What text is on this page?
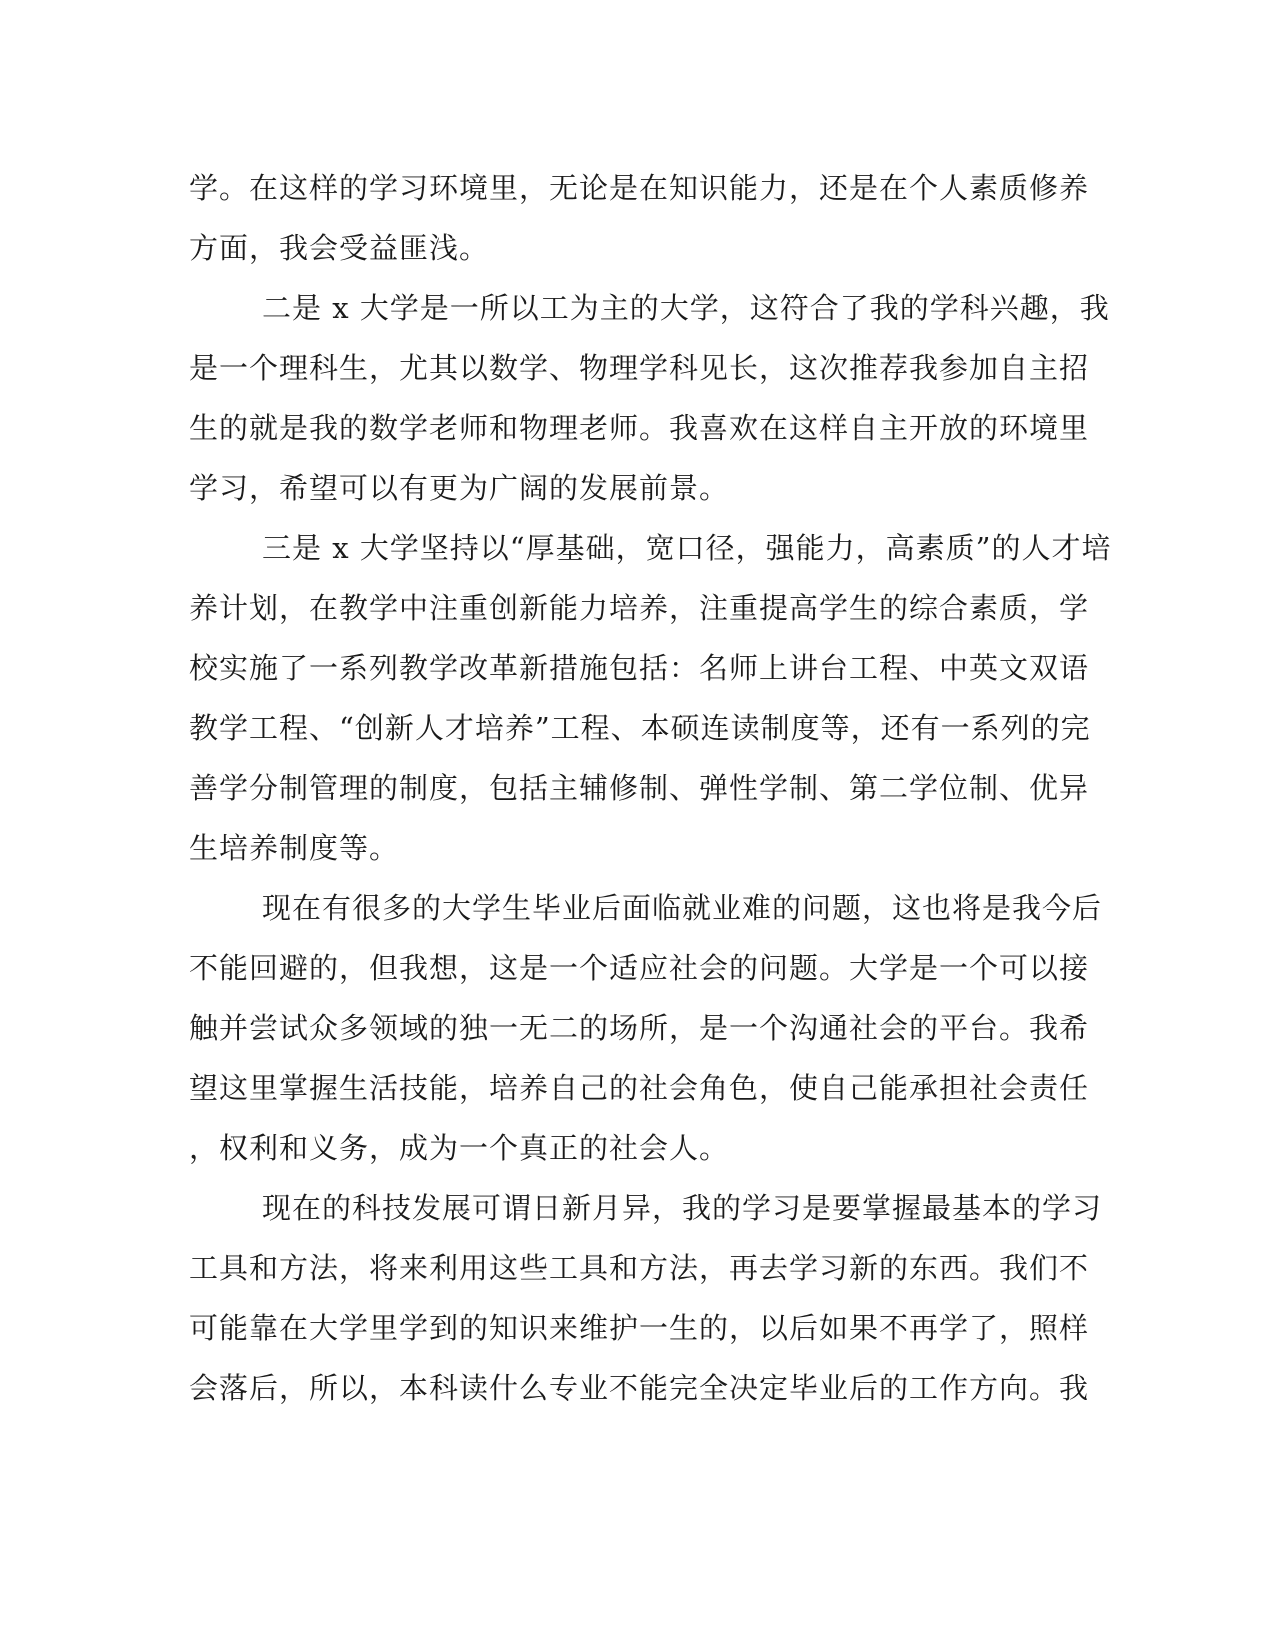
学。在这样的学习环境里，无论是在知识能力，还是在个人素质修养
方面，我会受益匪浅。
二是 x 大学是一所以工为主的大学，这符合了我的学科兴趣，我
是一个理科生，尤其以数学、物理学科见长，这次推荐我参加自主招
生的就是我的数学老师和物理老师。我喜欢在这样自主开放的环境里
学习，希望可以有更为广阔的发展前景。
三是 x 大学坚持以“厚基础，宽口径，强能力，高素质”的人才培
养计划，在教学中注重创新能力培养，注重提高学生的综合素质，学
校实施了一系列教学改革新措施包括：名师上讲台工程、中英文双语
教学工程、“创新人才培养”工程、本硕连读制度等，还有一系列的完
善学分制管理的制度，包括主辅修制、弹性学制、第二学位制、优异
生培养制度等。
现在有很多的大学生毕业后面临就业难的问题，这也将是我今后
不能回避的，但我想，这是一个适应社会的问题。大学是一个可以接
触并尝试众多领域的独一无二的场所，是一个沟通社会的平台。我希
望这里掌握生活技能，培养自己的社会角色，使自己能承担社会责任
，权利和义务，成为一个真正的社会人。
现在的科技发展可谓日新月异，我的学习是要掌握最基本的学习
工具和方法，将来利用这些工具和方法，再去学习新的东西。我们不
可能靠在大学里学到的知识来维护一生的，以后如果不再学了，照样
会落后，所以，本科读什么专业不能完全决定毕业后的工作方向。我
